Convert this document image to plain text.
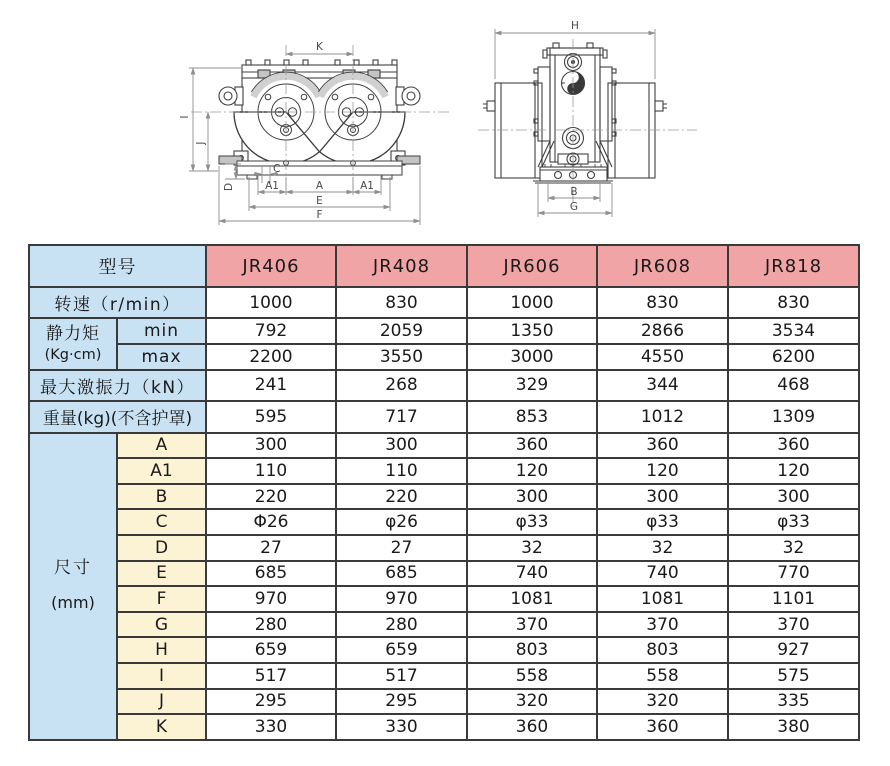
K
I
J
D
C
A1	A	A1
E
F
H
B
G
型号		JR406	JR408	JR606	JR608	JR818
转速（r/min）		1000	830	1000	830	830
静力矩
(Kg·cm)	min	792	2059	1350	2866	3534
	max	2200	3550	3000	4550	6200
最大激振力（kN）		241	268	329	344	468
重量(kg)(不含护罩)		595	717	853	1012	1309
尺寸
(mm)	A	300	300	360	360	360
	A1	110	110	120	120	120
	B	220	220	300	300	300
	C	Φ26	φ26	φ33	φ33	φ33
	D	27	27	32	32	32
	E	685	685	740	740	770
	F	970	970	1081	1081	1101
	G	280	280	370	370	370
	H	659	659	803	803	927
	I	517	517	558	558	575
	J	295	295	320	320	335
	K	330	330	360	360	380
